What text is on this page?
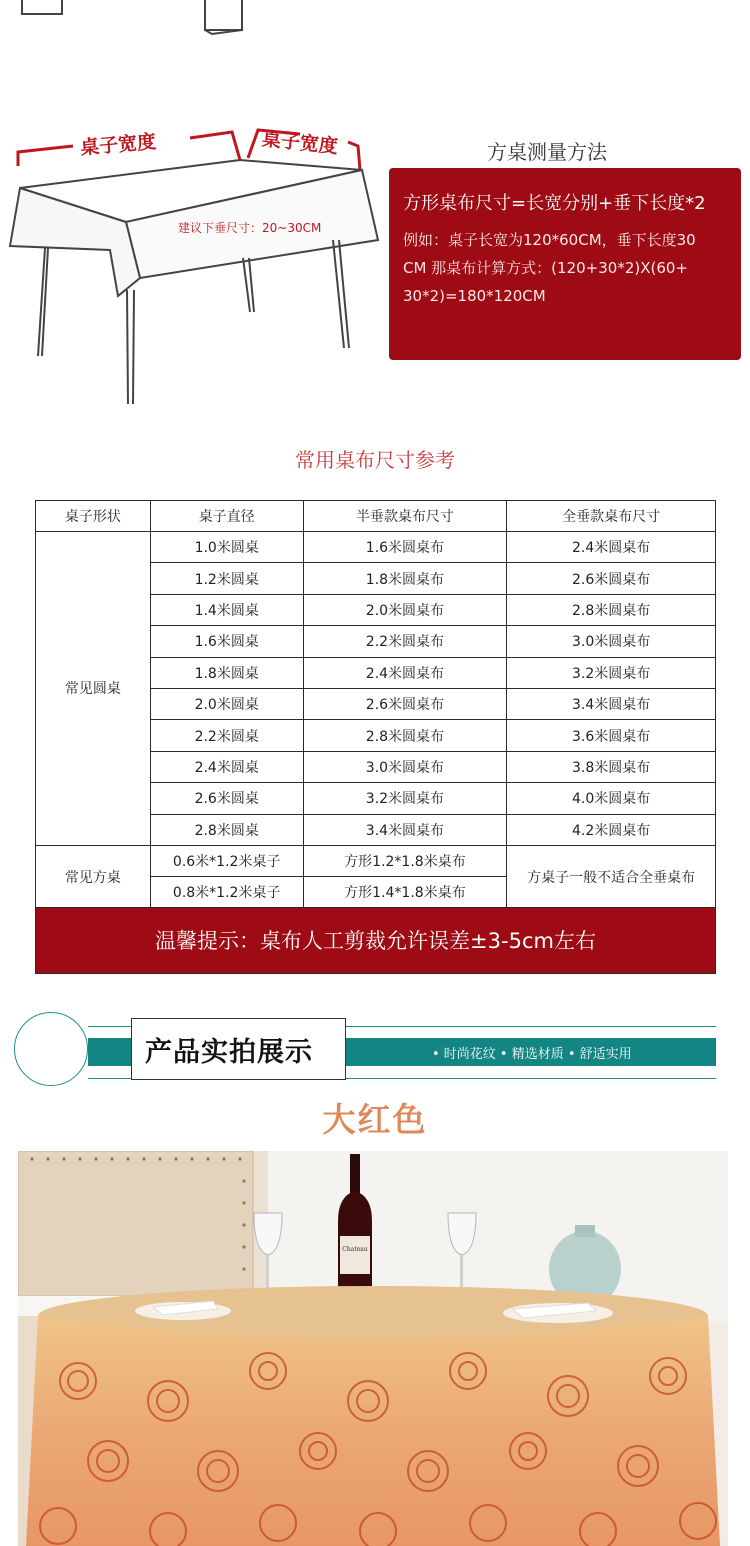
桌子宽度	桌子宽度
建议下垂尺寸：20~30CM
方桌测量方法
方形桌布尺寸=长宽分别+垂下长度*2
例如：桌子长宽为120*60CM，垂下长度30
CM 那桌布计算方式：(120+30*2)X(60+
30*2)=180*120CM
常用桌布尺寸参考
桌子形状	桌子直径	半垂款桌布尺寸	全垂款桌布尺寸
常见圆桌	1.0米圆桌	1.6米圆桌布	2.4米圆桌布
	1.2米圆桌	1.8米圆桌布	2.6米圆桌布
	1.4米圆桌	2.0米圆桌布	2.8米圆桌布
	1.6米圆桌	2.2米圆桌布	3.0米圆桌布
	1.8米圆桌	2.4米圆桌布	3.2米圆桌布
	2.0米圆桌	2.6米圆桌布	3.4米圆桌布
	2.2米圆桌	2.8米圆桌布	3.6米圆桌布
	2.4米圆桌	3.0米圆桌布	3.8米圆桌布
	2.6米圆桌	3.2米圆桌布	4.0米圆桌布
	2.8米圆桌	3.4米圆桌布	4.2米圆桌布
常见方桌	0.6米*1.2米桌子	方形1.2*1.8米桌布	方桌子一般不适合全垂桌布
	0.8米*1.2米桌子	方形1.4*1.8米桌布	
温馨提示：桌布人工剪裁允许误差±3-5cm左右
产品实拍展示	• 时尚花纹 • 精选材质 • 舒适实用
大红色
Chateau
